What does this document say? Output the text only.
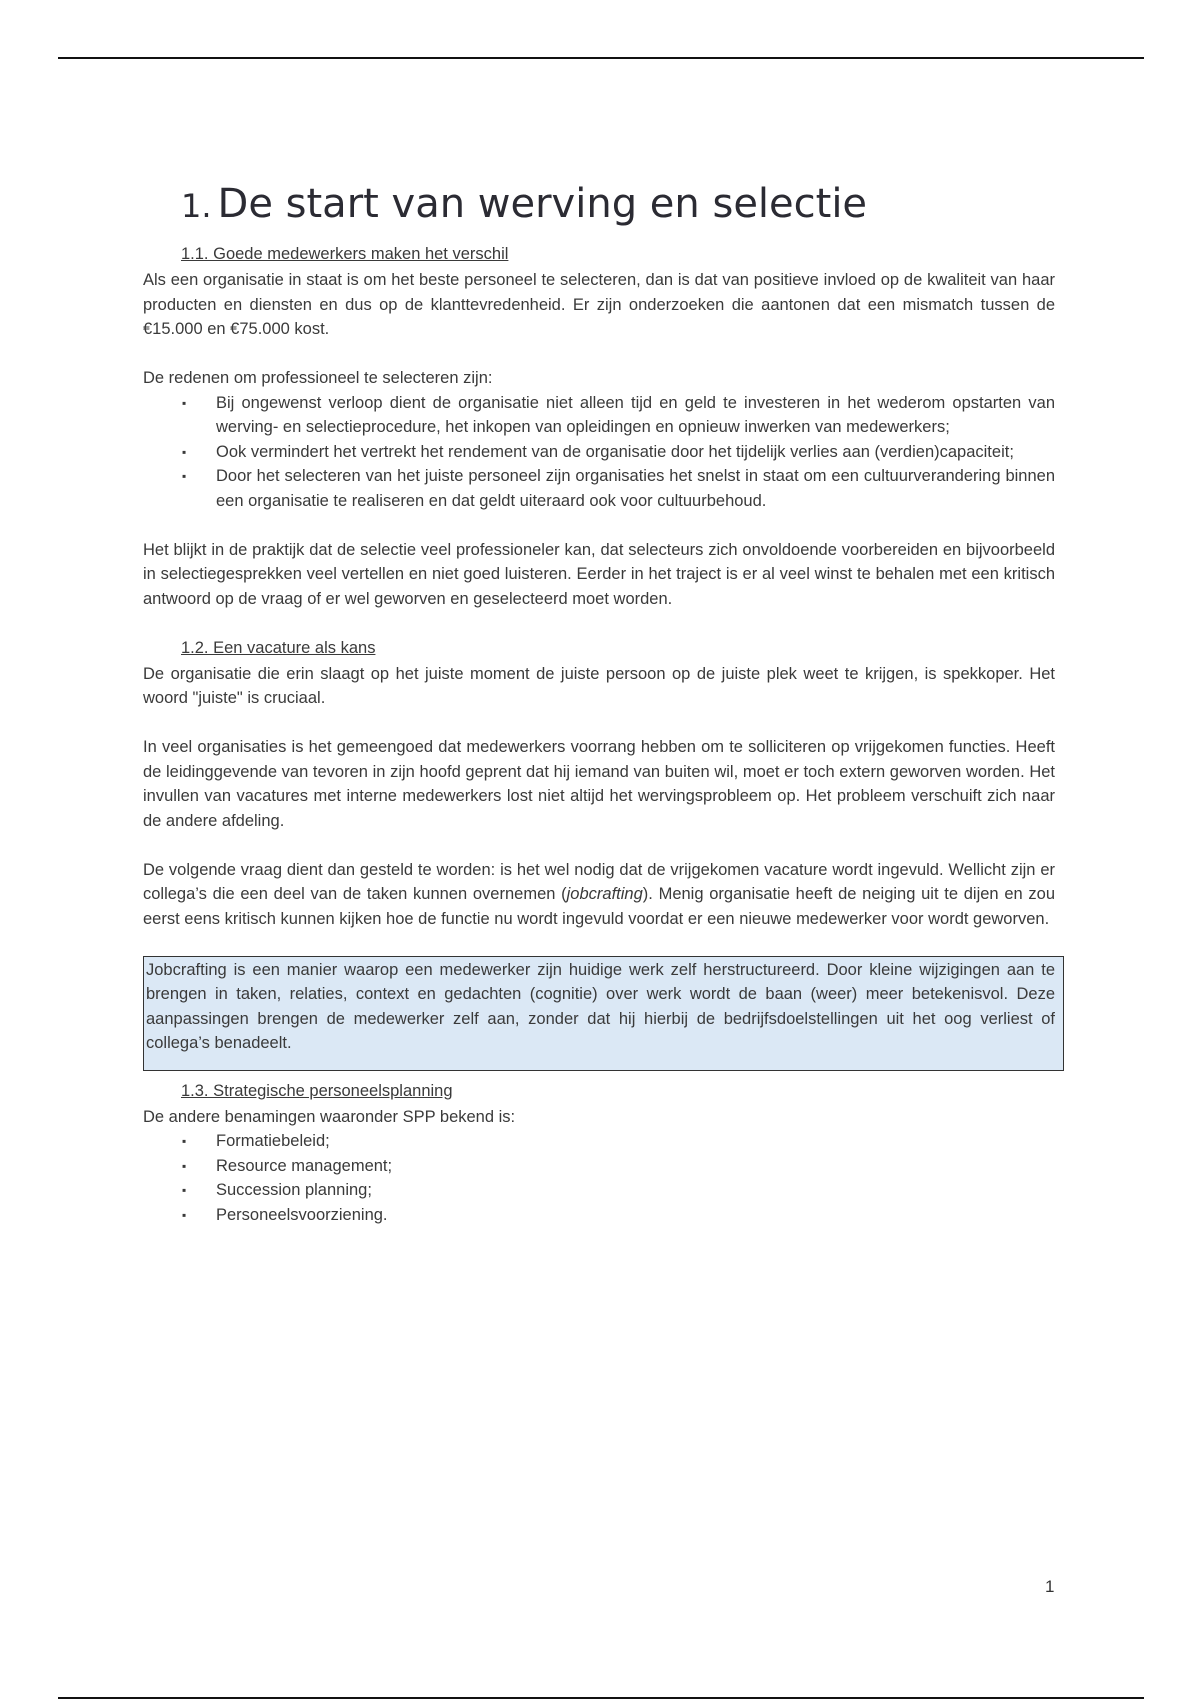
1. De start van werving en selectie
1.1. Goede medewerkers maken het verschil

Als een organisatie in staat is om het beste personeel te selecteren, dan is dat van positieve invloed op de kwaliteit van haar producten en diensten en dus op de klanttevredenheid. Er zijn onderzoeken die aantonen dat een mismatch tussen de €15.000 en €75.000 kost.

De redenen om professioneel te selecteren zijn:

▪ Bij ongewenst verloop dient de organisatie niet alleen tijd en geld te investeren in het wederom opstarten van werving- en selectieprocedure, het inkopen van opleidingen en opnieuw inwerken van medewerkers;
▪ Ook vermindert het vertrekt het rendement van de organisatie door het tijdelijk verlies aan (verdien)capaciteit;
▪ Door het selecteren van het juiste personeel zijn organisaties het snelst in staat om een cultuurverandering binnen een organisatie te realiseren en dat geldt uiteraard ook voor cultuurbehoud.

Het blijkt in de praktijk dat de selectie veel professioneler kan, dat selecteurs zich onvoldoende voorbereiden en bijvoorbeeld in selectiegesprekken veel vertellen en niet goed luisteren. Eerder in het traject is er al veel winst te behalen met een kritisch antwoord op de vraag of er wel geworven en geselecteerd moet worden.

1.2. Een vacature als kans

De organisatie die erin slaagt op het juiste moment de juiste persoon op de juiste plek weet te krijgen, is spekkoper. Het woord "juiste" is cruciaal.

In veel organisaties is het gemeengoed dat medewerkers voorrang hebben om te solliciteren op vrijgekomen functies. Heeft de leidinggevende van tevoren in zijn hoofd geprent dat hij iemand van buiten wil, moet er toch extern geworven worden. Het invullen van vacatures met interne medewerkers lost niet altijd het wervingsprobleem op. Het probleem verschuift zich naar de andere afdeling.

De volgende vraag dient dan gesteld te worden: is het wel nodig dat de vrijgekomen vacature wordt ingevuld. Wellicht zijn er collega’s die een deel van de taken kunnen overnemen (jobcrafting). Menig organisatie heeft de neiging uit te dijen en zou eerst eens kritisch kunnen kijken hoe de functie nu wordt ingevuld voordat er een nieuwe medewerker voor wordt geworven.

Jobcrafting is een manier waarop een medewerker zijn huidige werk zelf herstructureerd. Door kleine wijzigingen aan te brengen in taken, relaties, context en gedachten (cognitie) over werk wordt de baan (weer) meer betekenisvol. Deze aanpassingen brengen de medewerker zelf aan, zonder dat hij hierbij de bedrijfsdoelstellingen uit het oog verliest of collega’s benadeelt.

1.3. Strategische personeelsplanning

De andere benamingen waaronder SPP bekend is:

▪ Formatiebeleid;
▪ Resource management;
▪ Succession planning;
▪ Personeelsvoorziening.
1
